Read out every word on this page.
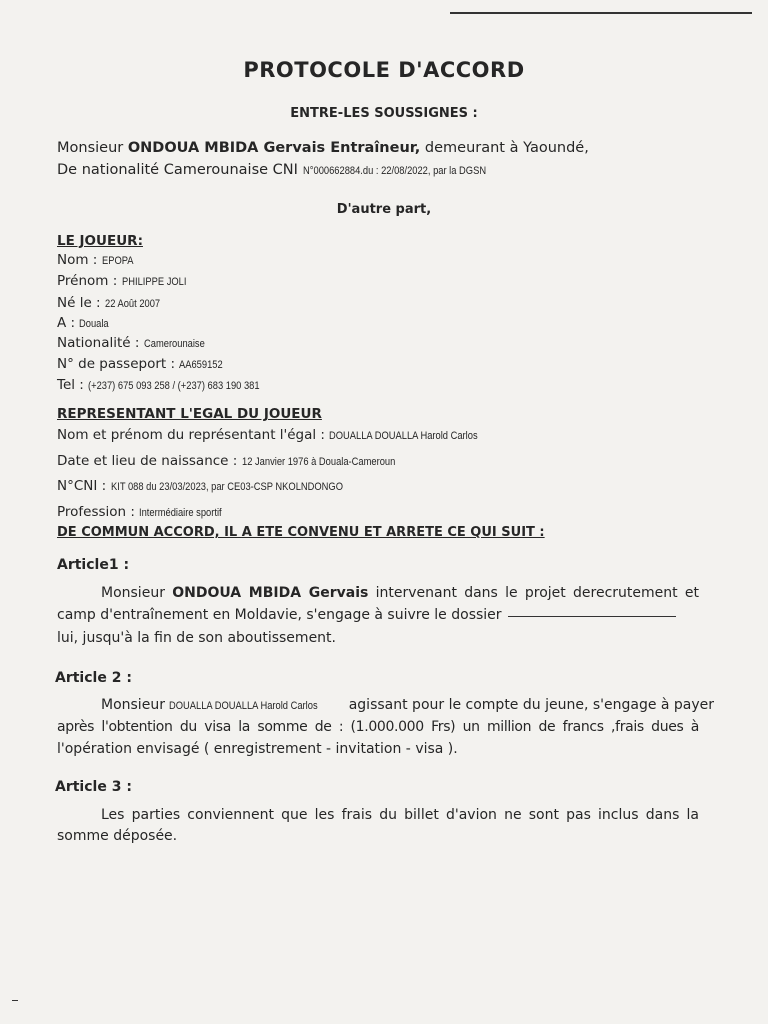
PROTOCOLE D'ACCORD
ENTRE-LES SOUSSIGNES :
Monsieur ONDOUA MBIDA Gervais Entraîneur, demeurant à Yaoundé,
De nationalité Camerounaise CNI N°000662884.du : 22/08/2022, par la DGSN
D'autre part,
LE JOUEUR:
Nom : EPOPA
Prénom : PHILIPPE JOLI
Né le : 22 Août 2007
A : Douala
Nationalité : Camerounaise
N° de passeport : AA659152
Tel : (+237) 675 093 258 / (+237) 683 190 381
REPRESENTANT L'EGAL DU JOUEUR
Nom et prénom du représentant l'égal : DOUALLA DOUALLA Harold Carlos
Date et lieu de naissance : 12 Janvier 1976 à Douala-Cameroun
N°CNI : KIT 088 du 23/03/2023, par CE03-CSP NKOLNDONGO
Profession : Intermédiaire sportif
DE COMMUN ACCORD, IL A ETE CONVENU ET ARRETE CE QUI SUIT :
Article1 :
Monsieur ONDOUA MBIDA Gervais intervenant dans le projet derecrutement et
camp d'entraînement en Moldavie, s'engage à suivre le dossier
lui, jusqu'à la fin de son aboutissement.
Article 2 :
Monsieur DOUALLA DOUALLA Harold Carlos agissant pour le compte du jeune, s'engage à payer
après l'obtention du visa la somme de : (1.000.000 Frs) un million de francs ,frais dues à
l'opération envisagé ( enregistrement - invitation - visa ).
Article 3 :
Les parties conviennent que les frais du billet d'avion ne sont pas inclus dans la
somme déposée.
